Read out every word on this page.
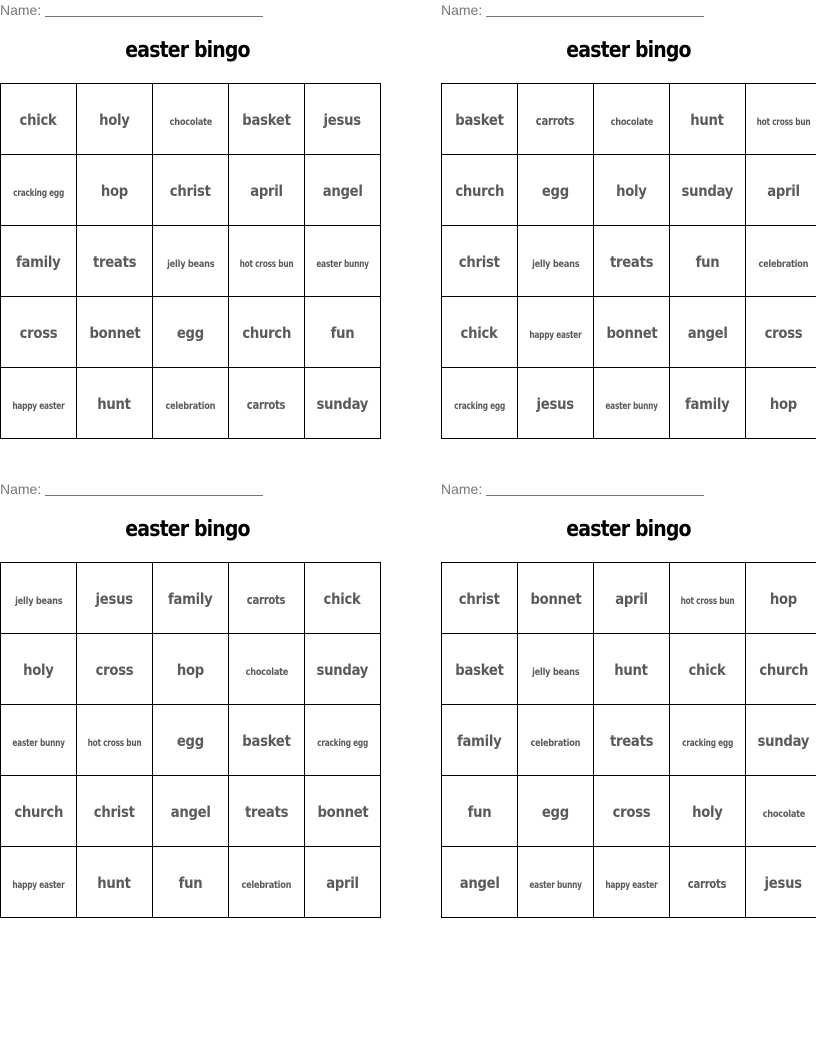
Name:
easter bingo
chick	holy	chocolate	basket	jesus
cracking egg	hop	christ	april	angel
family	treats	jelly beans	hot cross bun	easter bunny
cross	bonnet	egg	church	fun
happy easter	hunt	celebration	carrots	sunday
Name:
easter bingo
basket	carrots	chocolate	hunt	hot cross bun
church	egg	holy	sunday	april
christ	jelly beans	treats	fun	celebration
chick	happy easter	bonnet	angel	cross
cracking egg	jesus	easter bunny	family	hop
Name:
easter bingo
jelly beans	jesus	family	carrots	chick
holy	cross	hop	chocolate	sunday
easter bunny	hot cross bun	egg	basket	cracking egg
church	christ	angel	treats	bonnet
happy easter	hunt	fun	celebration	april
Name:
easter bingo
christ	bonnet	april	hot cross bun	hop
basket	jelly beans	hunt	chick	church
family	celebration	treats	cracking egg	sunday
fun	egg	cross	holy	chocolate
angel	easter bunny	happy easter	carrots	jesus
